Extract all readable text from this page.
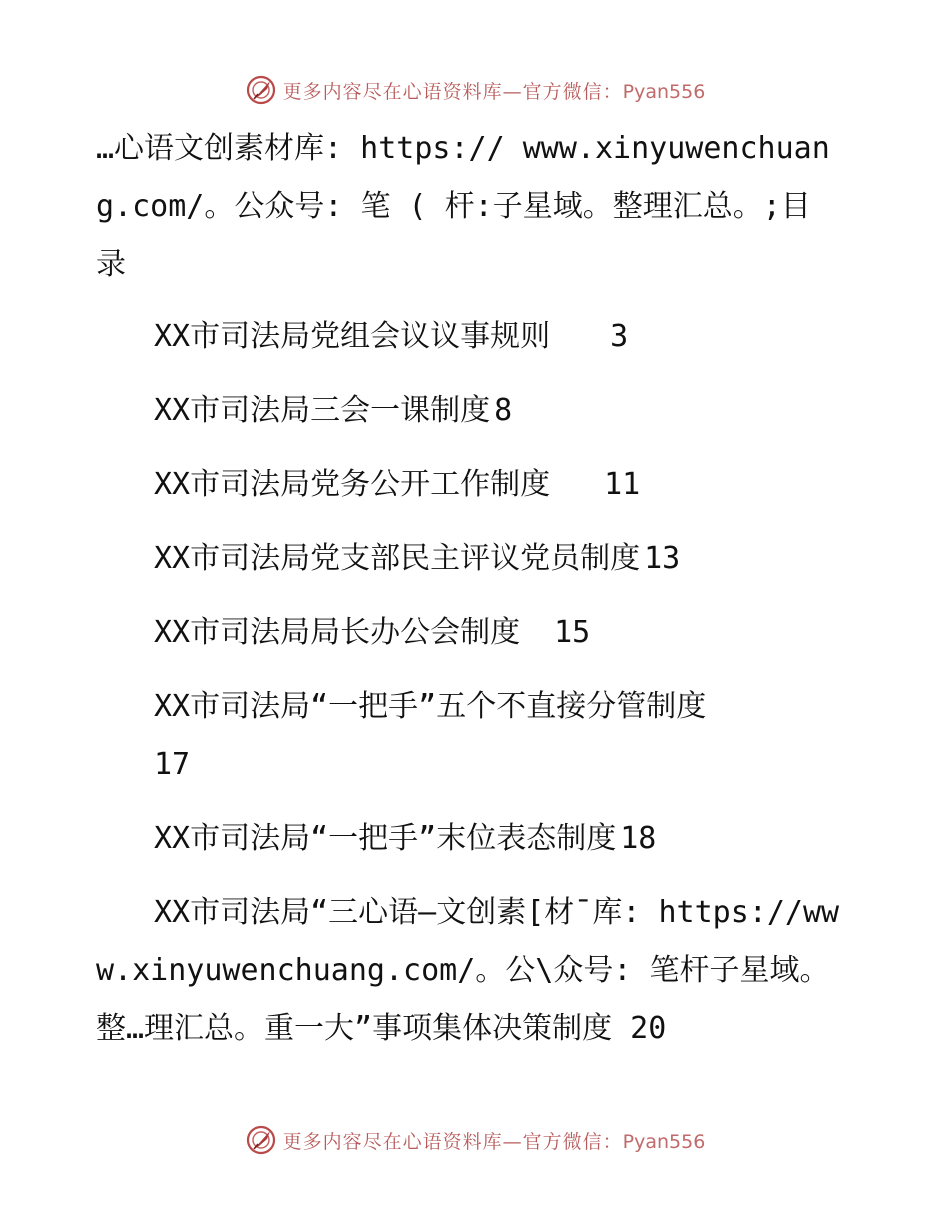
更多内容尽在心语资料库—官方微信：Pyan556

…心语文创素材库: https:// www.xinyuwenchuang.com/。公众号: 笔 ( 杆:子星域。整理汇总。;目 录

XX市司法局党组会议议事规则 3
XX市司法局三会一课制度 8
XX市司法局党务公开工作制度 11
XX市司法局党支部民主评议党员制度 13
XX市司法局局长办公会制度 15
XX市司法局“一把手”五个不直接分管制度
17
XX市司法局“一把手”末位表态制度 18

XX市司法局“三心语—文创素[材¯库: https://www.xinyuwenchuang.com/。公\众号: 笔杆子星域。整…理汇总。重一大”事项集体决策制度 20

更多内容尽在心语资料库—官方微信：Pyan556
